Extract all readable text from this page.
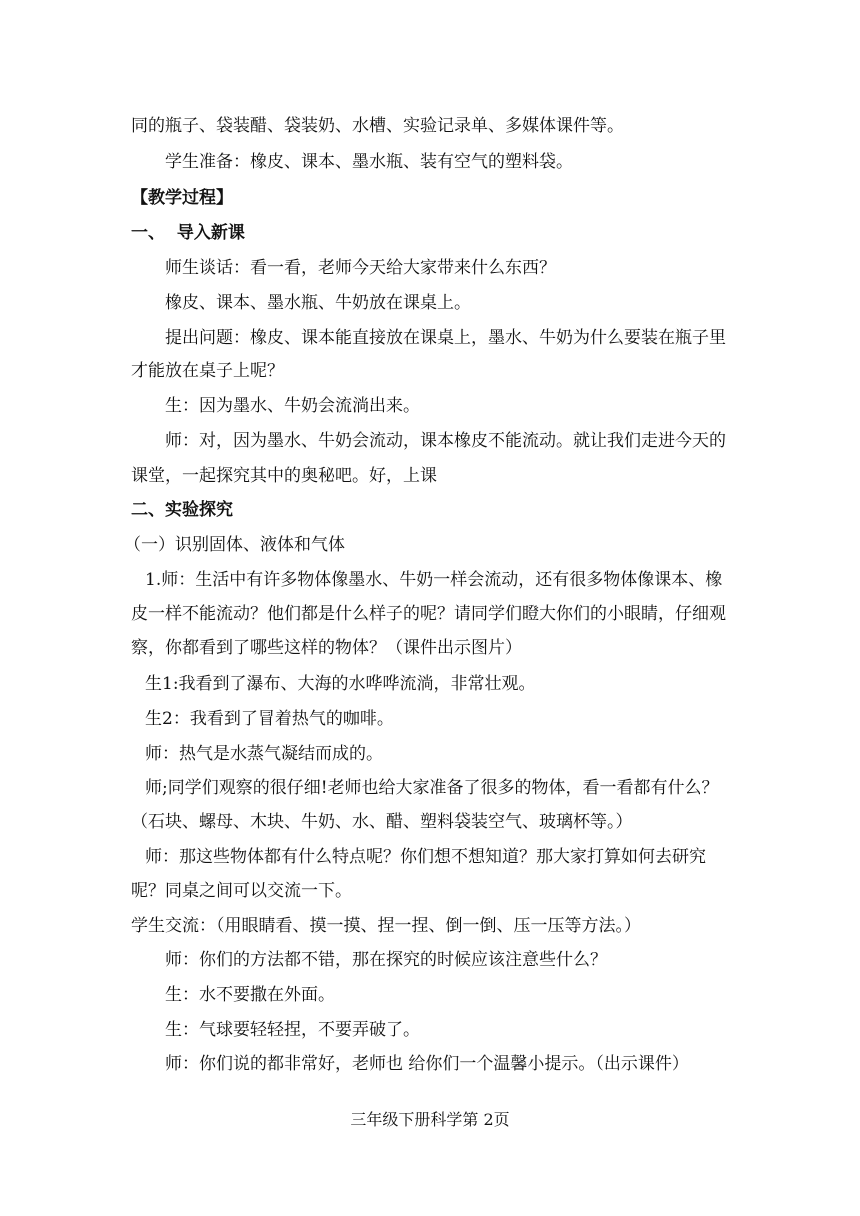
同的瓶子、袋装醋、袋装奶、水槽、实验记录单、多媒体课件等。
学生准备：橡皮、课本、墨水瓶、装有空气的塑料袋。
【教学过程】
一、  导入新课
师生谈话：看一看，老师今天给大家带来什么东西？
橡皮、课本、墨水瓶、牛奶放在课桌上。
提出问题：橡皮、课本能直接放在课桌上，墨水、牛奶为什么要装在瓶子里
才能放在桌子上呢？
生：因为墨水、牛奶会流淌出来。
师：对，因为墨水、牛奶会流动，课本橡皮不能流动。就让我们走进今天的
课堂，一起探究其中的奥秘吧。好，上课
二、实验探究
（一）识别固体、液体和气体
1.师：生活中有许多物体像墨水、牛奶一样会流动，还有很多物体像课本、橡
皮一样不能流动？他们都是什么样子的呢？请同学们瞪大你们的小眼睛，仔细观
察，你都看到了哪些这样的物体？（课件出示图片）
生1:我看到了瀑布、大海的水哗哗流淌，非常壮观。
生2：我看到了冒着热气的咖啡。
师：热气是水蒸气凝结而成的。
师;同学们观察的很仔细!老师也给大家准备了很多的物体，看一看都有什么？
（石块、螺母、木块、牛奶、水、醋、塑料袋装空气、玻璃杯等。）
师：那这些物体都有什么特点呢？你们想不想知道？那大家打算如何去研究
呢？同桌之间可以交流一下。
学生交流：（用眼睛看、摸一摸、捏一捏、倒一倒、压一压等方法。）
师：你们的方法都不错，那在探究的时候应该注意些什么？
生：水不要撒在外面。
生：气球要轻轻捏，不要弄破了。
师：你们说的都非常好，老师也 给你们一个温馨小提示。（出示课件）
三年级下册科学第 2页
